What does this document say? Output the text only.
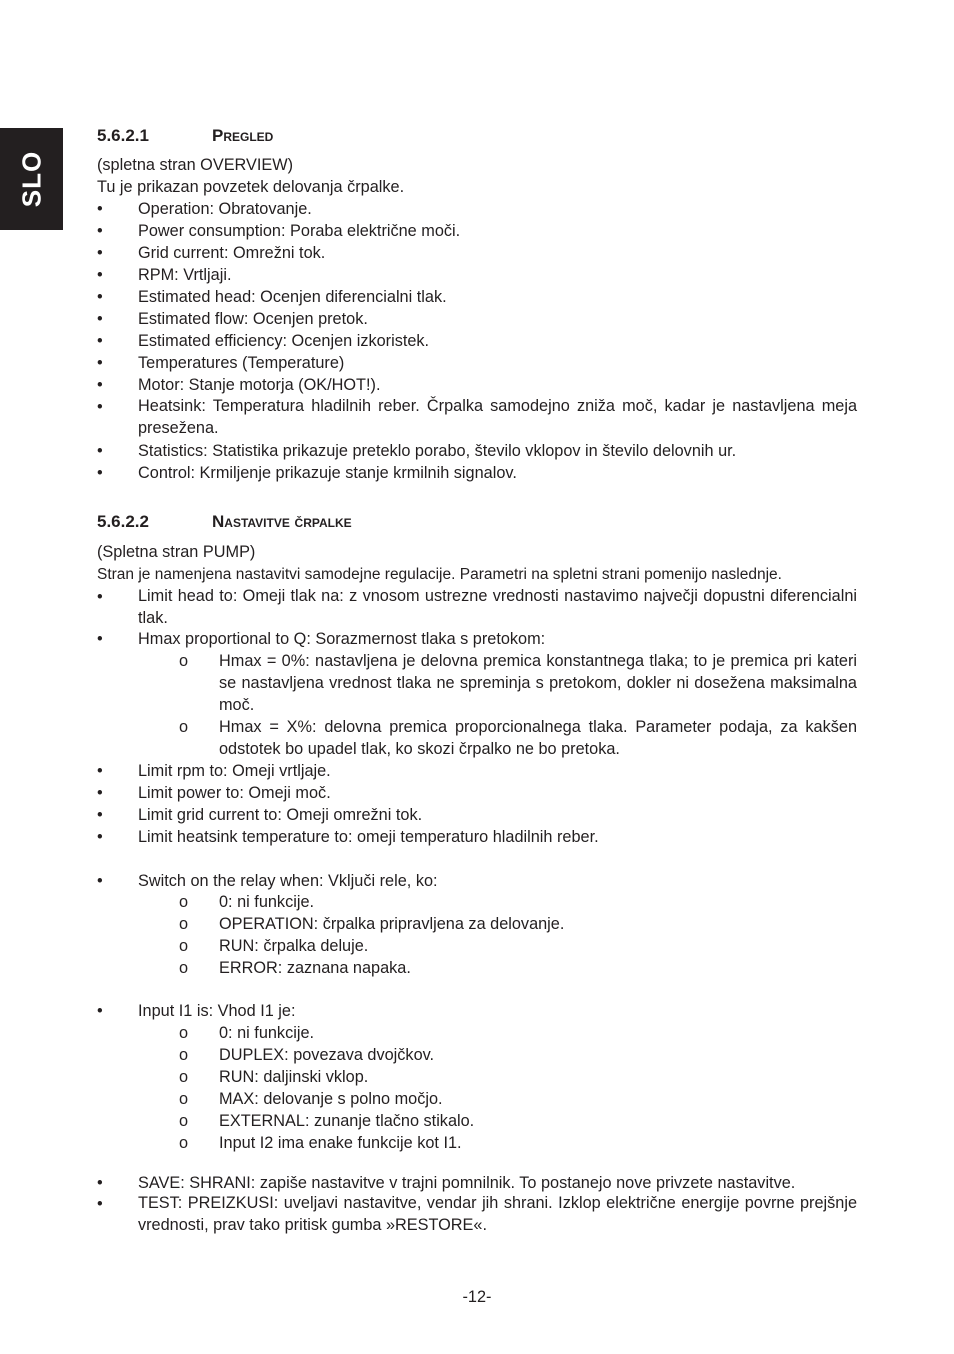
SLO
5.6.2.1	Pregled
(spletna stran OVERVIEW)
Tu je prikazan povzetek delovanja črpalke.
• Operation: Obratovanje.
• Power consumption: Poraba električne moči.
• Grid current: Omrežni tok.
• RPM: Vrtljaji.
• Estimated head: Ocenjen diferencialni tlak.
• Estimated flow: Ocenjen pretok.
• Estimated efficiency: Ocenjen izkoristek.
• Temperatures (Temperature)
• Motor: Stanje motorja (OK/HOT!).
• Heatsink: Temperatura hladilnih reber. Črpalka samodejno zniža moč, kadar je nastavljena meja presežena.
• Statistics: Statistika prikazuje preteklo porabo, število vklopov in število delovnih ur.
• Control: Krmiljenje prikazuje stanje krmilnih signalov.
5.6.2.2	Nastavitve črpalke
(Spletna stran PUMP)
Stran je namenjena nastavitvi samodejne regulacije. Parametri na spletni strani pomenijo naslednje.
• Limit head to: Omeji tlak na: z vnosom ustrezne vrednosti nastavimo največji dopustni diferencialni tlak.
• Hmax proportional to Q: Sorazmernost tlaka s pretokom:
o Hmax = 0%: nastavljena je delovna premica konstantnega tlaka; to je premica pri kateri se nastavljena vrednost tlaka ne spreminja s pretokom, dokler ni dosežena maksimalna moč.
o Hmax = X%: delovna premica proporcionalnega tlaka. Parameter podaja, za kakšen odstotek bo upadel tlak, ko skozi črpalko ne bo pretoka.
• Limit rpm to: Omeji vrtljaje.
• Limit power to: Omeji moč.
• Limit grid current to: Omeji omrežni tok.
• Limit heatsink temperature to: omeji temperaturo hladilnih reber.
• Switch on the relay when: Vključi rele, ko:
o 0: ni funkcije.
o OPERATION: črpalka pripravljena za delovanje.
o RUN: črpalka deluje.
o ERROR: zaznana napaka.
• Input I1 is: Vhod I1 je:
o 0: ni funkcije.
o DUPLEX: povezava dvojčkov.
o RUN: daljinski vklop.
o MAX: delovanje s polno močjo.
o EXTERNAL: zunanje tlačno stikalo.
o Input I2 ima enake funkcije kot I1.
• SAVE: SHRANI: zapiše nastavitve v trajni pomnilnik. To postanejo nove privzete nastavitve.
• TEST: PREIZKUSI: uveljavi nastavitve, vendar jih shrani. Izklop električne energije povrne prejšnje vrednosti, prav tako pritisk gumba »RESTORE«.
-12-
